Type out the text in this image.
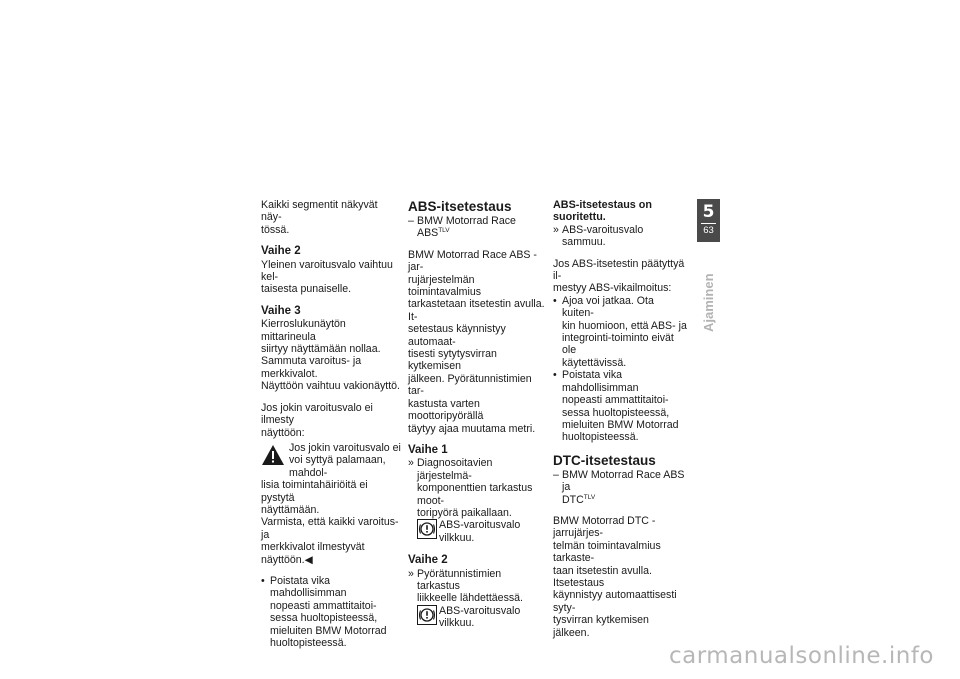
Kaikki segmentit näkyvät näy-
tössä.

Vaihe 2

Yleinen varoitusvalo vaihtuu kel-
taisesta punaiselle.

Vaihe 3

Kierroslukunäytön mittarineula
siirtyy näyttämään nollaa.
Sammuta varoitus- ja merkkivalot.
Näyttöön vaihtuu vakionäyttö.

Jos jokin varoitusvalo ei ilmesty
näyttöön:

Jos jokin varoitusvalo ei voi syttyä palamaan, mahdol-

lisia toimintahäiriöitä ei pystytä
näyttämään.
Varmista, että kaikki varoitus- ja
merkkivalot ilmestyvät näyttöön.◀

• Poistata vika mahdollisimman
nopeasti ammattitaitoi-
sessa huoltopisteessä,
mieluiten BMW Motorrad
huoltopisteessä.

ABS-itsetestaus

– BMW Motorrad Race $ABS^{TLV}$

BMW Motorrad Race ABS -jar-
rujärjestelmän toimintavalmius
tarkastetaan itsetestin avulla. It-
setestaus käynnistyy automaat-
tisesti sytytysvirran kytkemisen
jälkeen. Pyörätunnistimien tar-
kastusta varten moottoripyörällä
täytyy ajaa muutama metri.

Vaihe 1

» Diagnosoitavien järjestelmä-
komponenttien tarkastus moot-
toripyörä paikallaan.

ABS-varoitusvalo vilkkuu.

Vaihe 2

» Pyörätunnistimien tarkastus
liikkeelle lähdettäessä.

ABS-varoitusvalo vilkkuu.

ABS-itsetestaus on
suoritettu.

» ABS-varoitusvalo sammuu.

Jos ABS-itsetestin päätyttyä il-
mestyy ABS-vikailmoitus:

• Ajoa voi jatkaa. Ota kuiten-
kin huomioon, että ABS- ja
integrointi-toiminto eivät ole
käytettävissä.

• Poistata vika mahdollisimman
nopeasti ammattitaitoi-
sessa huoltopisteessä,
mieluiten BMW Motorrad
huoltopisteessä.

DTC-itsetestaus

– BMW Motorrad Race ABS ja
$DTC^{TLV}$

BMW Motorrad DTC -jarrujärjes-
telmän toimintavalmius tarkaste-
taan itsetestin avulla. Itsetestaus
käynnistyy automaattisesti syty-
tysvirran kytkemisen jälkeen.

5
63
Ajaminen
carmanualsonline.info
